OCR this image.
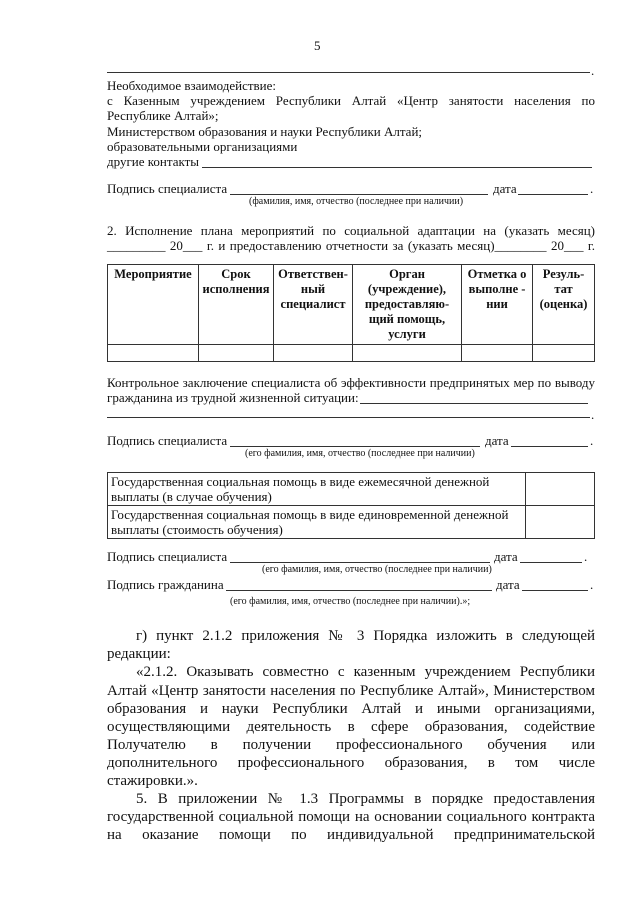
5
.
Необходимое взаимодействие:
с Казенным учреждением Республики Алтай «Центр занятости населения по
Республике Алтай»;
Министерством образования и науки Республики Алтай;
образовательными организациями
другие контакты
Подпись специалиста	дата	.
(фамилия, имя, отчество (последнее при наличии)
2. Исполнение плана мероприятий по социальной адаптации на (указать месяц)
_________ 20___ г. и предоставлению отчетности за (указать месяц)________ 20___ г.
Мероприятие	Срок исполнения	Ответствен-ный специалист	Орган (учреждение), предоставляю-щий помощь, услуги	Отметка о выполне - нии	Резуль-тат (оценка)

Контрольное заключение специалиста об эффективности предпринятых мер по выводу
гражданина из трудной жизненной ситуации:
.
Подпись специалиста	дата	.
(его фамилия, имя, отчество (последнее при наличии)
Государственная социальная помощь в виде ежемесячной денежной
выплаты (в случае обучения)	

Государственная социальная помощь в виде единовременной денежной
выплаты (стоимость обучения)	

Подпись специалиста	дата	.
(его фамилия, имя, отчество (последнее при наличии)
Подпись гражданина	дата	.
(его фамилия, имя, отчество (последнее при наличии).»;
г) пункт 2.1.2 приложения № 3 Порядка изложить в следующей
редакции:
«2.1.2. Оказывать совместно с казенным учреждением Республики
Алтай «Центр занятости населения по Республике Алтай», Министерством
образования и науки Республики Алтай и иными организациями,
осуществляющими деятельность в сфере образования, содействие
Получателю в получении профессионального обучения или
дополнительного профессионального образования, в том числе
стажировки.».
5. В приложении № 1.3 Программы в порядке предоставления
государственной социальной помощи на основании социального контракта
на оказание помощи по индивидуальной предпринимательской
